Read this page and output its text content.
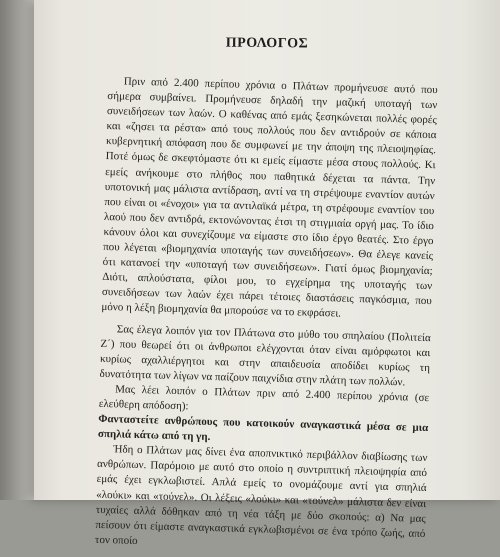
ΠΡΟΛΟΓΟΣ

Πριν από 2.400 περίπου χρόνια ο Πλάτων προμήνευσε αυτό που σήμερα συμβαίνει. Προμήνευσε δηλαδή την μαζική υποταγή των συνειδήσεων των λαών. Ο καθένας από εμάς ξεσηκώνεται πολλές φορές και «ζησει τα ρέστα» από τους πολλούς που δεν αντιδρούν σε κάποια κυβερνητική απόφαση που δε συμφωνεί με την άποψη της πλειοψηφίας. Ποτέ όμως δε σκεφτόμαστε ότι κι εμείς είμαστε μέσα στους πολλούς. Κι εμείς ανήκουμε στο πλήθος που παθητικά δέχεται τα πάντα. Την υποτονική μας μάλιστα αντίδραση, αντί να τη στρέψουμε εναντίον αυτών που είναι οι «ένοχοι» για τα αντιλαϊκά μέτρα, τη στρέφουμε εναντίον του λαού που δεν αντιδρά, εκτονώνοντας έτσι τη στιγμιαία οργή μας. Το ίδιο κάνουν όλοι και συνεχίζουμε να είμαστε στο ίδιο έργο θεατές. Στο έργο που λέγεται «βιομηχανία υποταγής των συνειδήσεων». Θα έλεγε κανείς ότι κατανοεί την «υποταγή των συνειδήσεων». Γιατί όμως βιομηχανία; Διότι, απλούστατα, φίλοι μου, το εγχείρημα της υποταγής των συνειδήσεων των λαών έχει πάρει τέτοιες διαστάσεις παγκόσμια, που μόνο η λέξη βιομηχανία θα μπορούσε να το εκφράσει.

Σας έλεγα λοιπόν για τον Πλάτωνα στο μύθο του σπηλαίου (Πολιτεία Ζ΄) που θεωρεί ότι οι άνθρωποι ελέγχονται όταν είναι αμόρφωτοι και κυρίως αχαλλιέργητοι και στην απαιδευσία αποδίδει κυρίως τη δυνατότητα των λίγων να παίζουν παιχνίδια στην πλάτη των πολλών.

Μας λέει λοιπόν ο Πλάτων πριν από 2.400 περίπου χρόνια (σε ελεύθερη απόδοση):

Φανταστείτε ανθρώπους που κατοικούν αναγκαστικά μέσα σε μια σπηλιά κάτω από τη γη.

Ήδη ο Πλάτων μας δίνει ένα αποπνικτικό περιβάλλον διαβίωσης των ανθρώπων. Παρόμοιο με αυτό στο οποίο η συντριπτική πλειοψηφία από εμάς έχει εγκλωβιστεί. Απλά εμείς το ονομάζουμε αντί για σπηλιά «λούκι» και «τούνελ». Οι λέξεις «λούκι» και «τούνελ» μάλιστα δεν είναι τυχαίες αλλά δόθηκαν από τη νέα τάξη με δύο σκοπούς: α) Να μας πείσουν ότι είμαστε αναγκαστικά εγκλωβισμένοι σε ένα τρόπο ζωής, από τον οποίο
